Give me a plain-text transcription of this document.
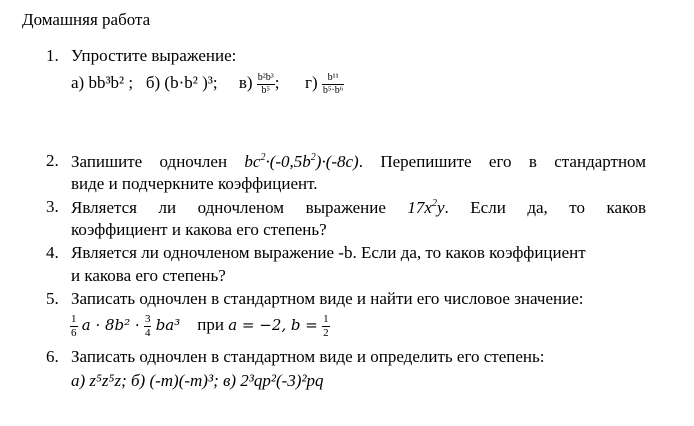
Домашняя работа
1. Упростите выражение:
а) bb³b² ; б) (b·b² )³; $в) \frac{\text{b²b³}}{\text{b⁵}}$ ; $г) \frac{\text{b¹¹}}{\text{b⁵·b⁶}}$
2. Запишите одночлен $bc^2\cdot(-0,5b^2)\cdot(-8c)$. Перепишите его в стандартном
виде и подчеркните коэффициент.
3. Является ли одночленом выражение $17x^2y$. Если да, то каков
коэффициент и какова его степень?
4. Является ли одночленом выражение -b. Если да, то каков коэффициент
и какова его степень?
5. Записать одночлен в стандартном виде и найти его числовое значение:
$\frac{1}{6}$ $a \cdot 8b^2 \cdot \frac{3}{4} ba^3$ при a = −2, $b = \frac{1}{2}$
6. Записать одночлен в стандартном виде и определить его степень:
а) z⁵z⁵z; б) (-m)(-m)³; в) 2³qp²(-3)²pq
